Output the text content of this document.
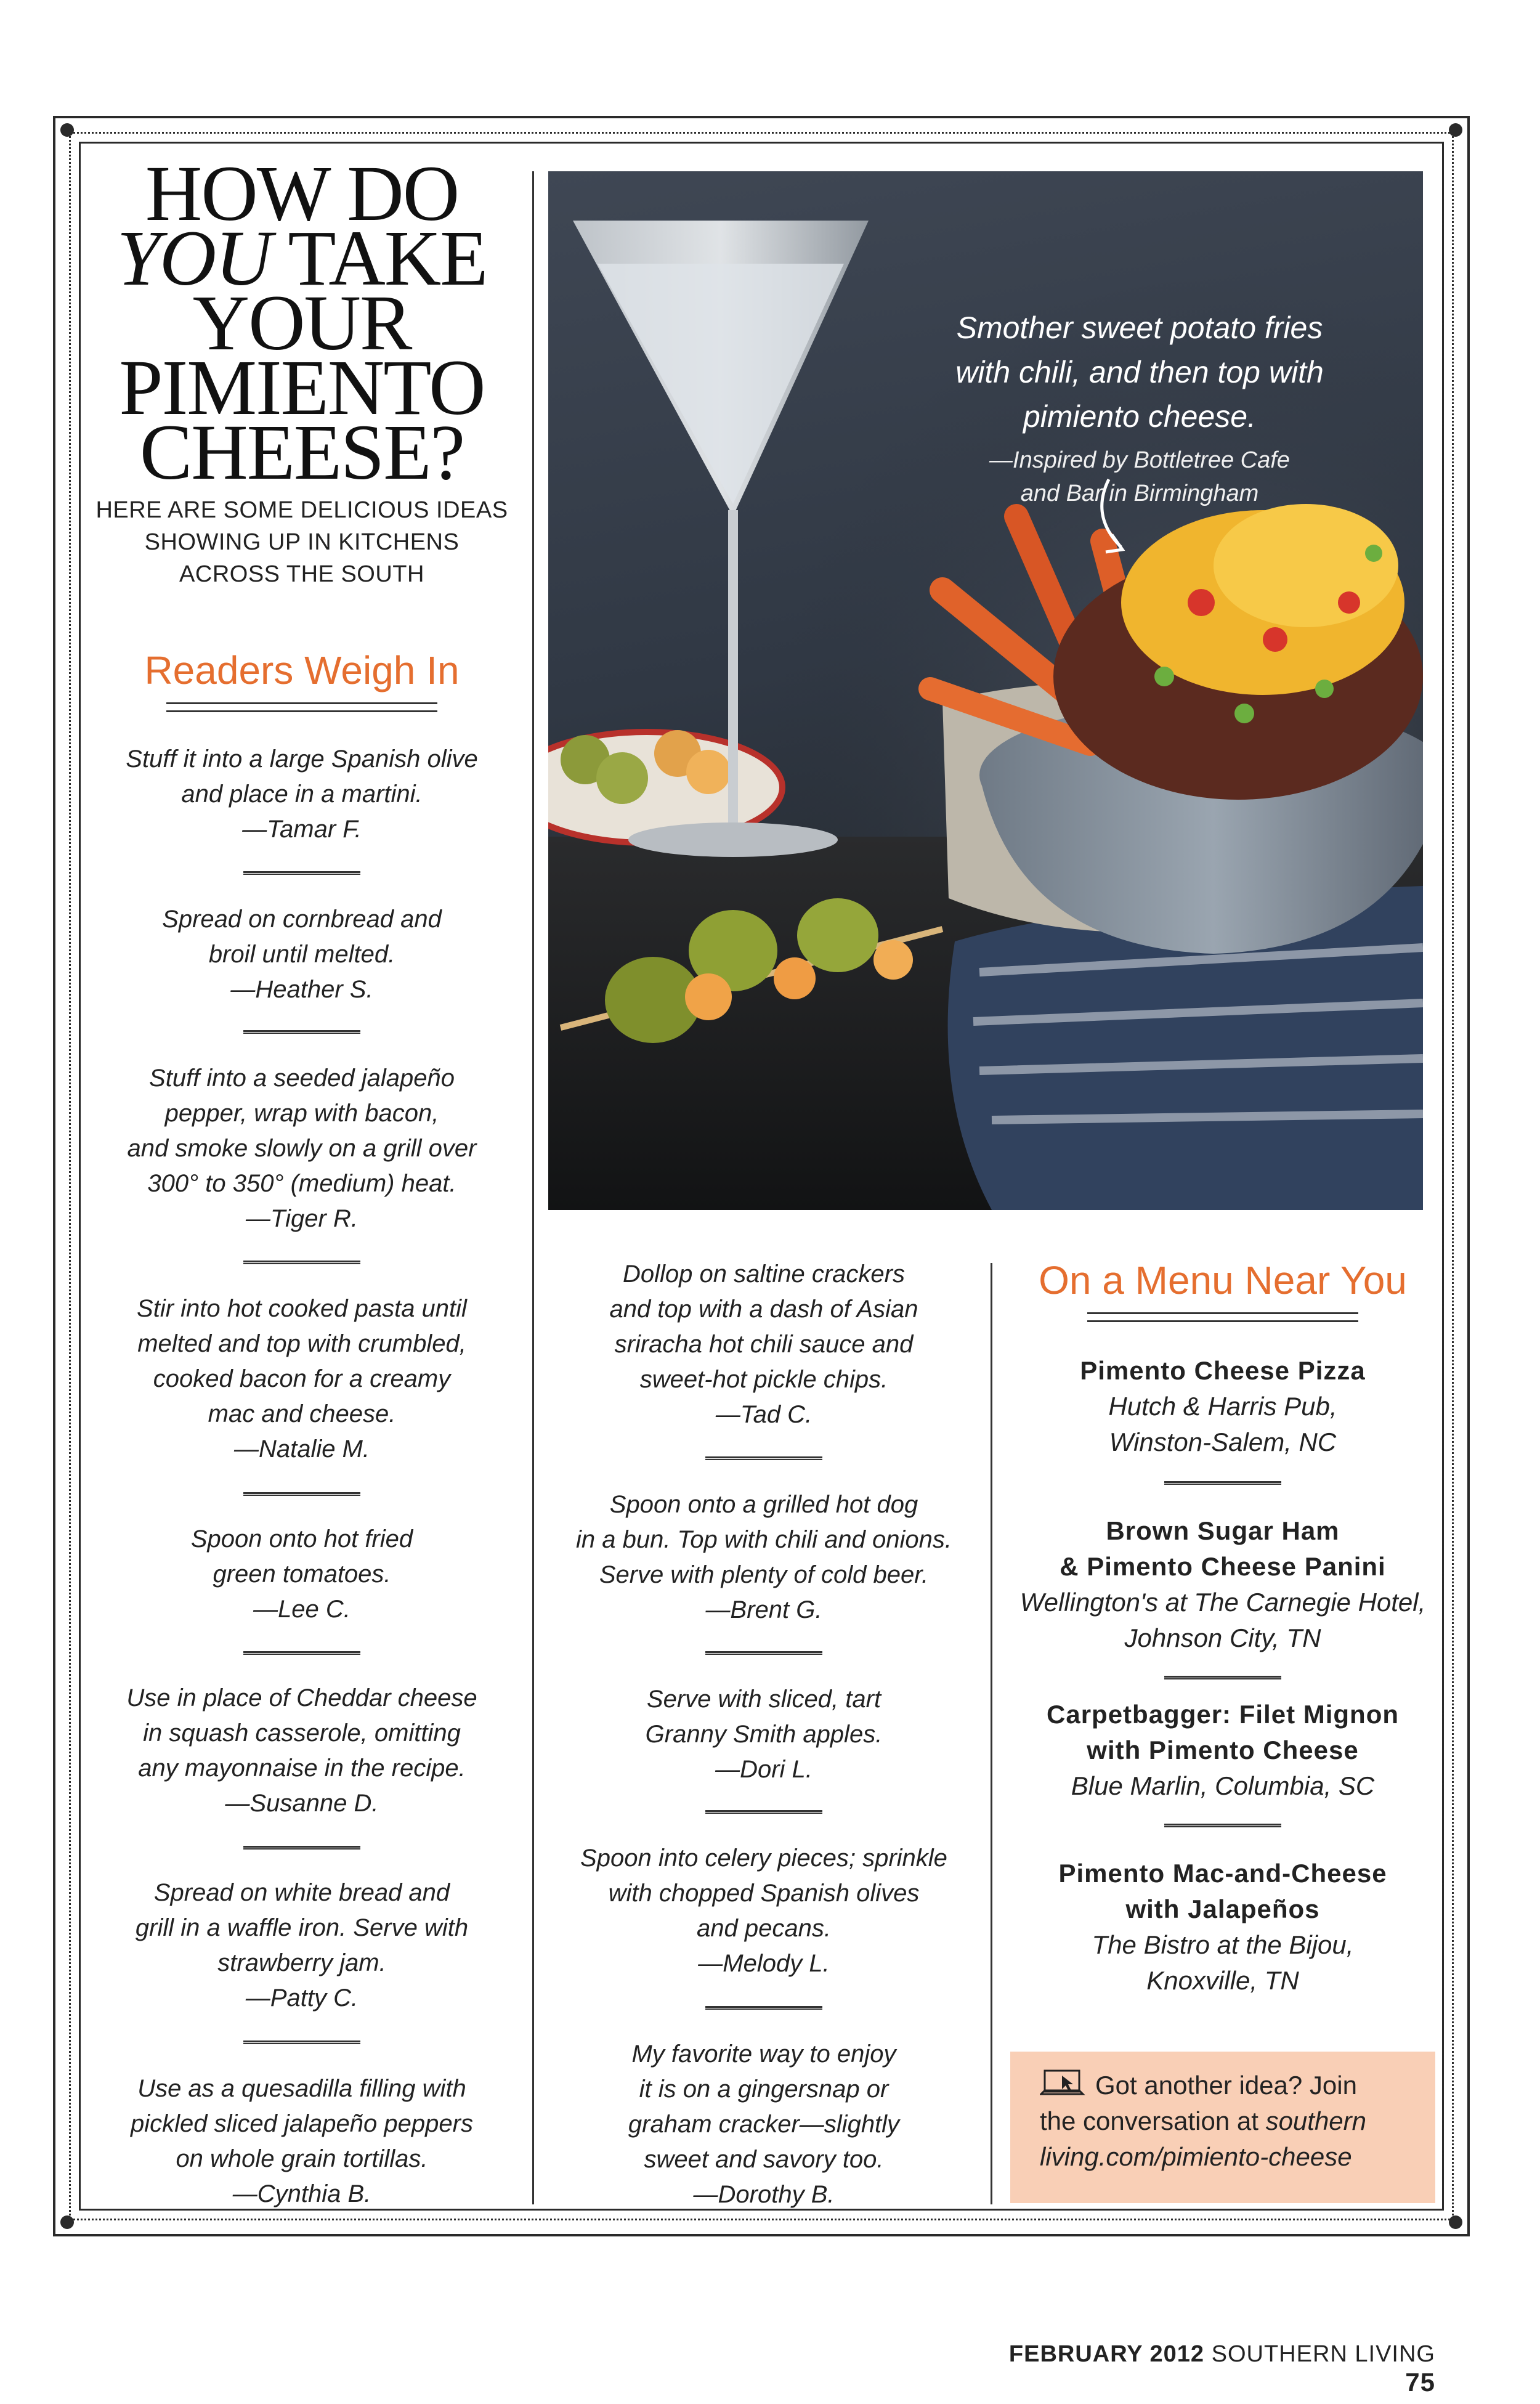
HOW DO
YOU TAKE
YOUR
PIMIENTO
CHEESE?
HERE ARE SOME DELICIOUS IDEAS
SHOWING UP IN KITCHENS
ACROSS THE SOUTH
Readers Weigh In
Stuff it into a large Spanish olive
and place in a martini.
—Tamar F.
Spread on cornbread and
broil until melted.
—Heather S.
Stuff into a seeded jalapeño
pepper, wrap with bacon,
and smoke slowly on a grill over
300° to 350° (medium) heat.
—Tiger R.
Stir into hot cooked pasta until
melted and top with crumbled,
cooked bacon for a creamy
mac and cheese.
—Natalie M.
Spoon onto hot fried
green tomatoes.
—Lee C.
Use in place of Cheddar cheese
in squash casserole, omitting
any mayonnaise in the recipe.
—Susanne D.
Spread on white bread and
grill in a waffle iron. Serve with
strawberry jam.
—Patty C.
Use as a quesadilla filling with
pickled sliced jalapeño peppers
on whole grain tortillas.
—Cynthia B.
Smother sweet potato fries
with chili, and then top with
pimiento cheese.
—Inspired by Bottletree Cafe
and Bar in Birmingham
Dollop on saltine crackers
and top with a dash of Asian
sriracha hot chili sauce and
sweet-hot pickle chips.
—Tad C.
Spoon onto a grilled hot dog
in a bun. Top with chili and onions.
Serve with plenty of cold beer.
—Brent G.
Serve with sliced, tart
Granny Smith apples.
—Dori L.
Spoon into celery pieces; sprinkle
with chopped Spanish olives
and pecans.
—Melody L.
My favorite way to enjoy
it is on a gingersnap or
graham cracker—slightly
sweet and savory too.
—Dorothy B.
On a Menu Near You
Pimento Cheese Pizza
Hutch & Harris Pub,
Winston-Salem, NC
Brown Sugar Ham
& Pimento Cheese Panini
Wellington's at The Carnegie Hotel,
Johnson City, TN
Carpetbagger: Filet Mignon
with Pimento Cheese
Blue Marlin, Columbia, SC
Pimento Mac-and-Cheese
with Jalapeños
The Bistro at the Bijou,
Knoxville, TN
Got another idea? Join
the conversation at southern
living.com/pimiento-cheese
FEBRUARY 2012 SOUTHERN LIVING 75
